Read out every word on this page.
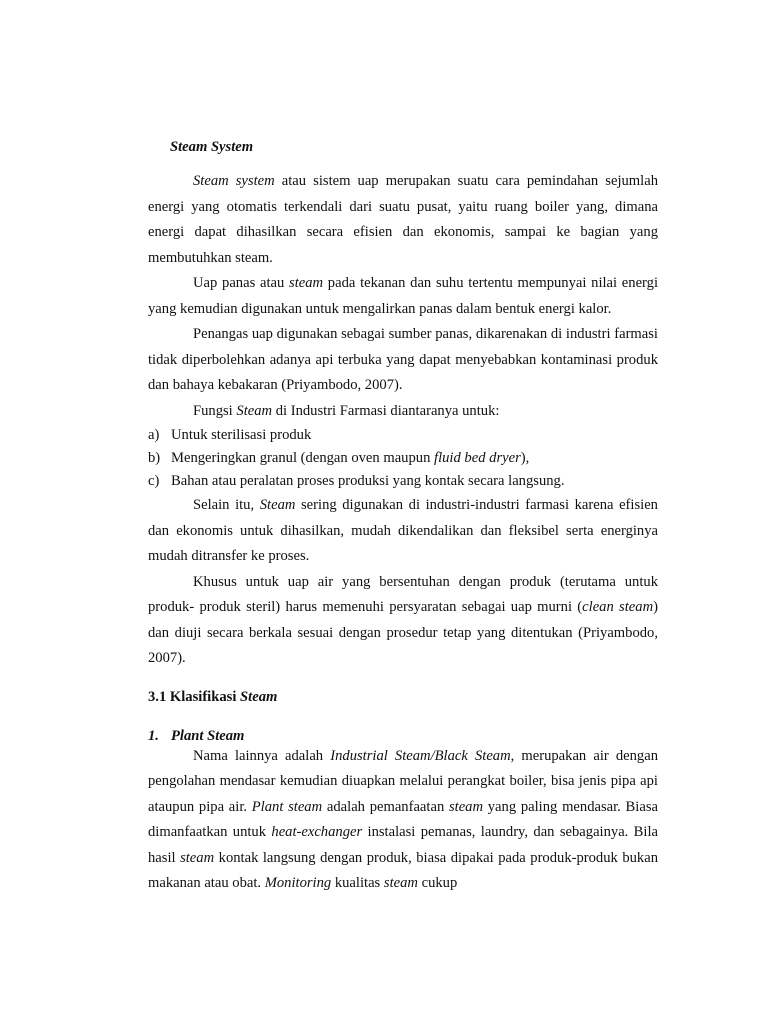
Steam System

Steam system atau sistem uap merupakan suatu cara pemindahan sejumlah energi yang otomatis terkendali dari suatu pusat, yaitu ruang boiler yang, dimana energi dapat dihasilkan secara efisien dan ekonomis, sampai ke bagian yang membutuhkan steam.

Uap panas atau steam pada tekanan dan suhu tertentu mempunyai nilai energi yang kemudian digunakan untuk mengalirkan panas dalam bentuk energi kalor.

Penangas uap digunakan sebagai sumber panas, dikarenakan di industri farmasi tidak diperbolehkan adanya api terbuka yang dapat menyebabkan kontaminasi produk dan bahaya kebakaran (Priyambodo, 2007).

Fungsi Steam di Industri Farmasi diantaranya untuk:

a) Untuk sterilisasi produk
b) Mengeringkan granul (dengan oven maupun fluid bed dryer),
c) Bahan atau peralatan proses produksi yang kontak secara langsung.

Selain itu, Steam sering digunakan di industri-industri farmasi karena efisien dan ekonomis untuk dihasilkan, mudah dikendalikan dan fleksibel serta energinya mudah ditransfer ke proses.

Khusus untuk uap air yang bersentuhan dengan produk (terutama untuk produk- produk steril) harus memenuhi persyaratan sebagai uap murni (clean steam) dan diuji secara berkala sesuai dengan prosedur tetap yang ditentukan (Priyambodo, 2007).

3.1 Klasifikasi Steam
1. Plant Steam

Nama lainnya adalah Industrial Steam/Black Steam, merupakan air dengan pengolahan mendasar kemudian diuapkan melalui perangkat boiler, bisa jenis pipa api ataupun pipa air. Plant steam adalah pemanfaatan steam yang paling mendasar. Biasa dimanfaatkan untuk heat-exchanger instalasi pemanas, laundry, dan sebagainya. Bila hasil steam kontak langsung dengan produk, biasa dipakai pada produk-produk bukan makanan atau obat. Monitoring kualitas steam cukup
